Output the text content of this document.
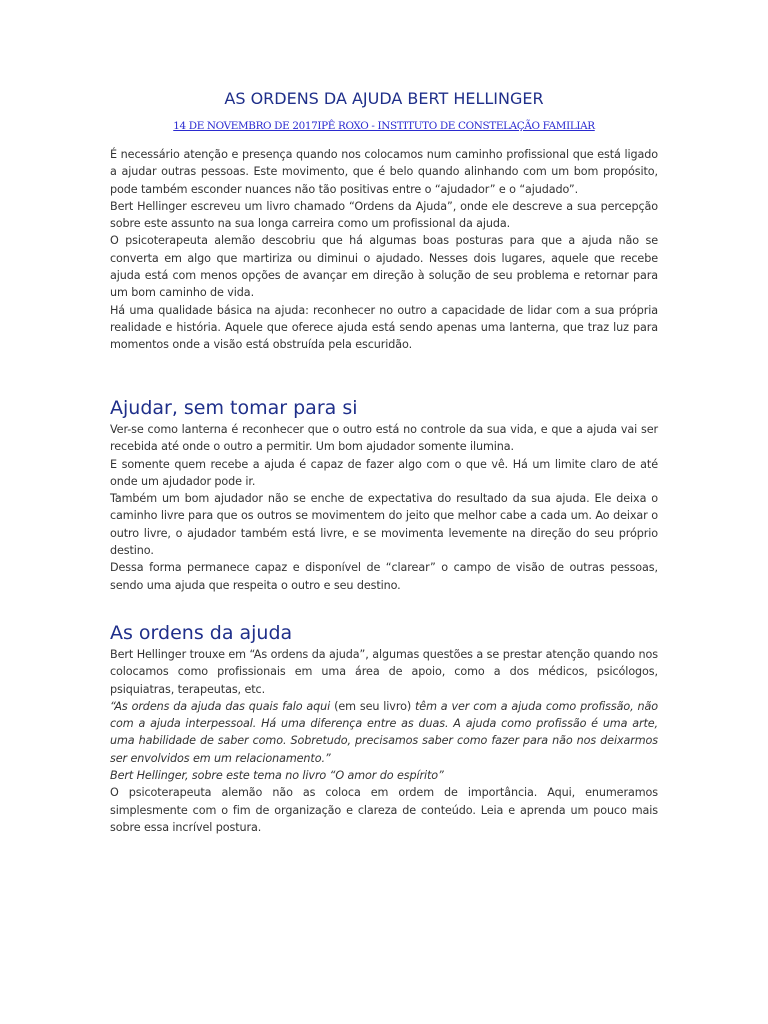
AS ORDENS DA AJUDA BERT HELLINGER
14 DE NOVEMBRO DE 2017IPÊ ROXO - INSTITUTO DE CONSTELAÇÃO FAMILIAR

É necessário atenção e presença quando nos colocamos num caminho profissional que está ligado a ajudar outras pessoas. Este movimento, que é belo quando alinhando com um bom propósito, pode também esconder nuances não tão positivas entre o “ajudador” e o “ajudado”.

Bert Hellinger escreveu um livro chamado “Ordens da Ajuda”, onde ele descreve a sua percepção sobre este assunto na sua longa carreira como um profissional da ajuda.

O psicoterapeuta alemão descobriu que há algumas boas posturas para que a ajuda não se converta em algo que martiriza ou diminui o ajudado. Nesses dois lugares, aquele que recebe ajuda está com menos opções de avançar em direção à solução de seu problema e retornar para um bom caminho de vida.

Há uma qualidade básica na ajuda: reconhecer no outro a capacidade de lidar com a sua própria realidade e história. Aquele que oferece ajuda está sendo apenas uma lanterna, que traz luz para momentos onde a visão está obstruída pela escuridão.

Ajudar, sem tomar para si

Ver-se como lanterna é reconhecer que o outro está no controle da sua vida, e que a ajuda vai ser recebida até onde o outro a permitir. Um bom ajudador somente ilumina.

E somente quem recebe a ajuda é capaz de fazer algo com o que vê. Há um limite claro de até onde um ajudador pode ir.

Também um bom ajudador não se enche de expectativa do resultado da sua ajuda. Ele deixa o caminho livre para que os outros se movimentem do jeito que melhor cabe a cada um. Ao deixar o outro livre, o ajudador também está livre, e se movimenta levemente na direção do seu próprio destino.

Dessa forma permanece capaz e disponível de “clarear” o campo de visão de outras pessoas, sendo uma ajuda que respeita o outro e seu destino.

As ordens da ajuda

Bert Hellinger trouxe em “As ordens da ajuda”, algumas questões a se prestar atenção quando nos colocamos como profissionais em uma área de apoio, como a dos médicos, psicólogos, psiquiatras, terapeutas, etc.

“As ordens da ajuda das quais falo aqui (em seu livro) têm a ver com a ajuda como profissão, não com a ajuda interpessoal. Há uma diferença entre as duas. A ajuda como profissão é uma arte, uma habilidade de saber como. Sobretudo, precisamos saber como fazer para não nos deixarmos ser envolvidos em um relacionamento.”

Bert Hellinger, sobre este tema no livro “O amor do espírito”

O psicoterapeuta alemão não as coloca em ordem de importância. Aqui, enumeramos simplesmente com o fim de organização e clareza de conteúdo. Leia e aprenda um pouco mais sobre essa incrível postura.
